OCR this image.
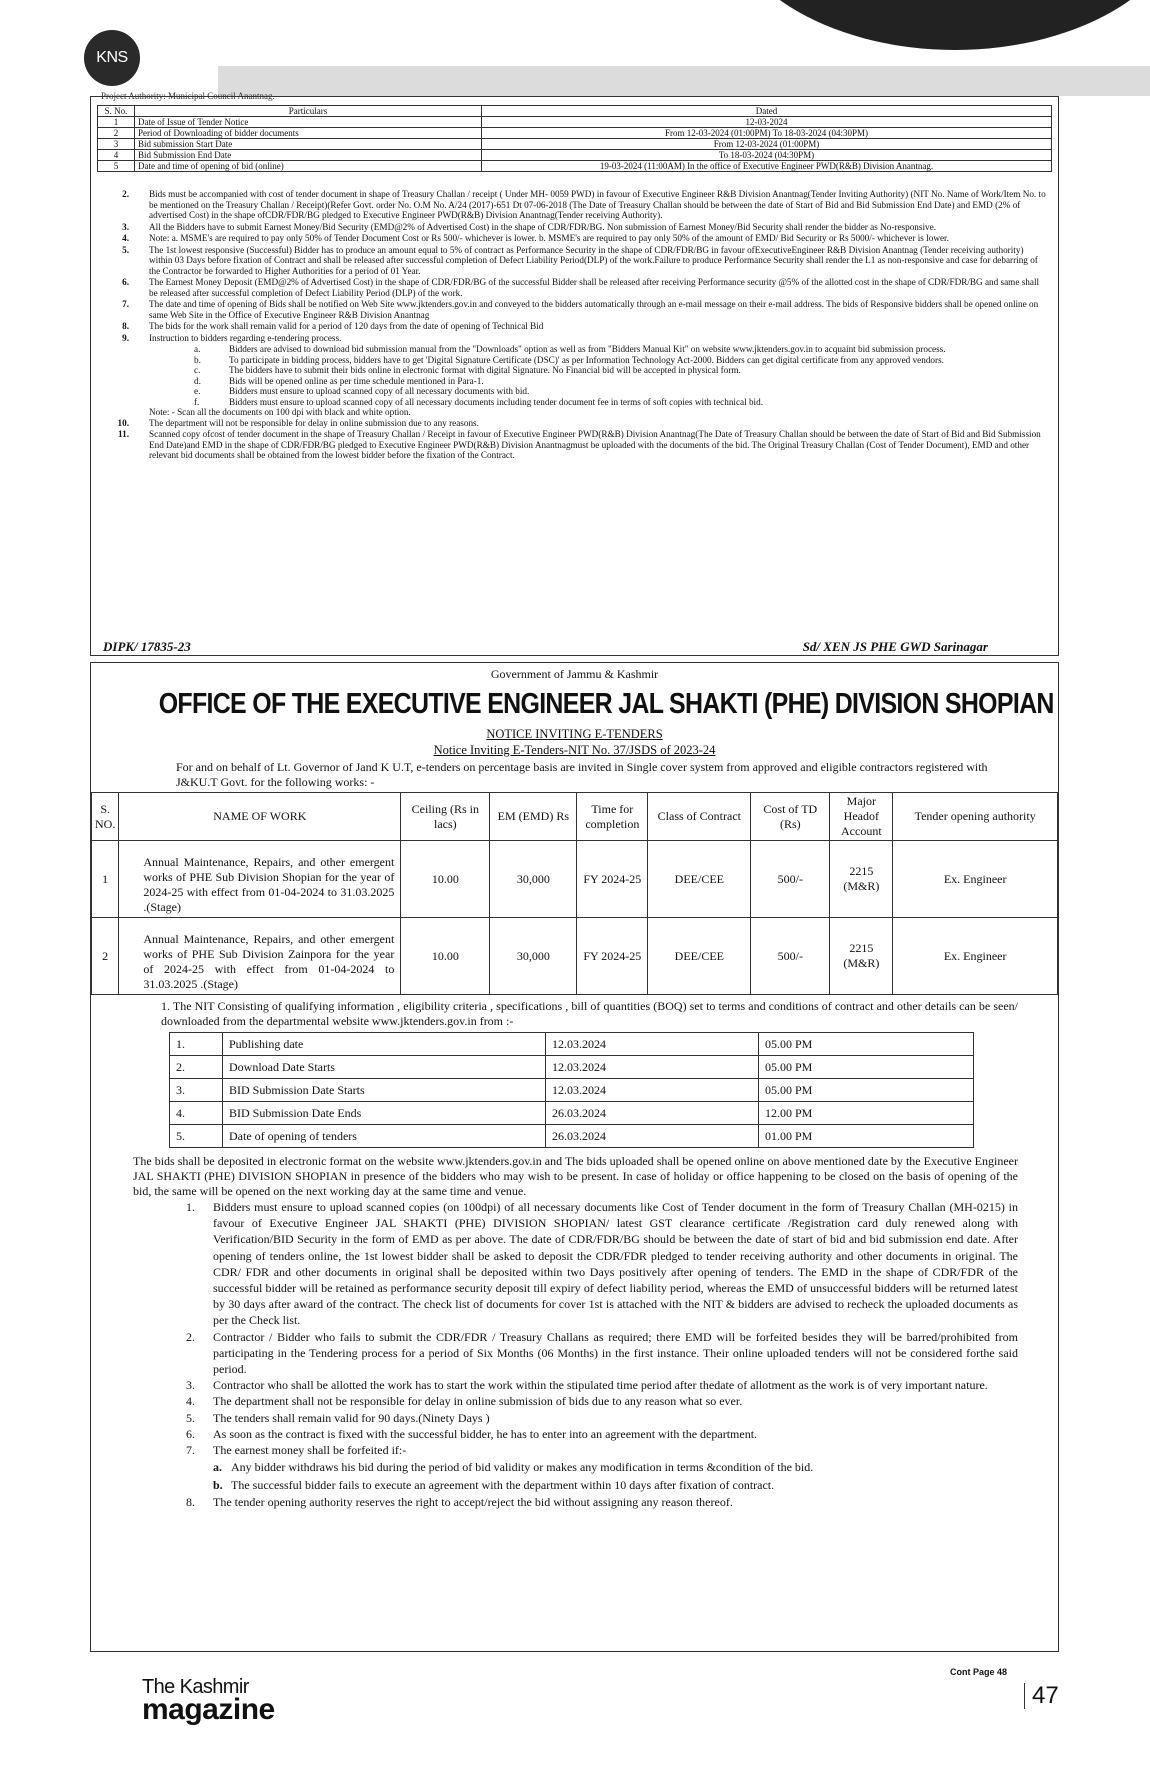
KNS
Project Authority: Municipal Council Anantnag.
S. No.	Particulars	Dated
1	Date of Issue of Tender Notice	12-03-2024
2	Period of Downloading of bidder documents	From 12-03-2024 (01:00PM) To 18-03-2024 (04:30PM)
3	Bid submission Start Date	From 12-03-2024 (01:00PM)
4	Bid Submission End Date	To 18-03-2024 (04:30PM)
5	Date and time of opening of bid (online)	19-03-2024 (11:00AM) In the office of Executive Engineer PWD(R&B) Division Anantnag.
2. Bids must be accompanied with cost of tender document in shape of Treasury Challan / receipt ( Under MH- 0059 PWD) in favour of Executive Engineer R&B Division Anantnag(Tender Inviting Authority) (NIT No. Name of Work/Item No. to be mentioned on the Treasury Challan / Receipt)(Refer Govt. order No. O.M No. A/24 (2017)-651 Dt 07-06-2018 (The Date of Treasury Challan should be between the date of Start of Bid and Bid Submission End Date) and EMD (2% of advertised Cost) in the shape ofCDR/FDR/BG pledged to Executive Engineer PWD(R&B) Division Anantnag(Tender receiving Authority).
3. All the Bidders have to submit Earnest Money/Bid Security (EMD@2% of Advertised Cost) in the shape of CDR/FDR/BG. Non submission of Earnest Money/Bid Security shall render the bidder as No-responsive.
4. Note: a. MSME's are required to pay only 50% of Tender Document Cost or Rs 500/- whichever is lower. b. MSME's are required to pay only 50% of the amount of EMD/ Bid Security or Rs 5000/- whichever is lower.
5. The 1st lowest responsive (Successful) Bidder has to produce an amount equal to 5% of contract as Performance Security in the shape of CDR/FDR/BG in favour ofExecutiveEngineer R&B Division Anantnag (Tender receiving authority) within 03 Days before fixation of Contract and shall be released after successful completion of Defect Liability Period(DLP) of the work.Failure to produce Performance Security shall render the L1 as non-responsive and case for debarring of the Contractor be forwarded to Higher Authorities for a period of 01 Year.
6. The Earnest Money Deposit (EMD@2% of Advertised Cost) in the shape of CDR/FDR/BG of the successful Bidder shall be released after receiving Performance security @5% of the allotted cost in the shape of CDR/FDR/BG and same shall be released after successful completion of Defect Liability Period (DLP) of the work.
7. The date and time of opening of Bids shall be notified on Web Site www.jktenders.gov.in and conveyed to the bidders automatically through an e-mail message on their e-mail address. The bids of Responsive bidders shall be opened online on same Web Site in the Office of Executive Engineer R&B Division Anantnag
8. The bids for the work shall remain valid for a period of 120 days from the date of opening of Technical Bid
9. Instruction to bidders regarding e-tendering process.
a.	Bidders are advised to download bid submission manual from the "Downloads" option as well as from "Bidders Manual Kit" on website www.jktenders.gov.in to acquaint bid submission process.
b.	To participate in bidding process, bidders have to get 'Digital Signature Certificate (DSC)' as per Information Technology Act-2000. Bidders can get digital certificate from any approved vendors.
c.	The bidders have to submit their bids online in electronic format with digital Signature. No Financial bid will be accepted in physical form.
d.	Bids will be opened online as per time schedule mentioned in Para-1.
e.	Bidders must ensure to upload scanned copy of all necessary documents with bid.
f.	Bidders must ensure to upload scanned copy of all necessary documents including tender document fee in terms of soft copies with technical bid.
Note: - Scan all the documents on 100 dpi with black and white option.
10. The department will not be responsible for delay in online submission due to any reasons.
11. Scanned copy ofcost of tender document in the shape of Treasury Challan / Receipt in favour of Executive Engineer PWD(R&B) Division Anantnag(The Date of Treasury Challan should be between the date of Start of Bid and Bid Submission End Date)and EMD in the shape of CDR/FDR/BG pledged to Executive Engineer PWD(R&B) Division Anantnagmust be uploaded with the documents of the bid. The Original Treasury Challan (Cost of Tender Document), EMD and other relevant bid documents shall be obtained from the lowest bidder before the fixation of the Contract.
DIPK/ 17835-23	Sd/ XEN JS PHE GWD Sarinagar
Government of Jammu & Kashmir
OFFICE OF THE EXECUTIVE ENGINEER JAL SHAKTI (PHE) DIVISION SHOPIAN
NOTICE INVITING E-TENDERS
Notice Inviting E-Tenders-NIT No. 37/JSDS of 2023-24
For and on behalf of Lt. Governor of Jand K U.T, e-tenders on percentage basis are invited in Single cover system from approved and eligible contractors registered with J&KU.T Govt. for the following works: -
S. NO.	NAME OF WORK	Ceiling (Rs in lacs)	EM (EMD) Rs	Time for completion	Class of Contract	Cost of TD (Rs)	Major Headof Account	Tender opening authority
1	Annual Maintenance, Repairs, and other emergent works of PHE Sub Division Shopian for the year of 2024-25 with effect from 01-04-2024 to 31.03.2025 .(Stage)	10.00	30,000	FY 2024-25	DEE/CEE	500/-	2215 (M&R)	Ex. Engineer
2	Annual Maintenance, Repairs, and other emergent works of PHE Sub Division Zainpora for the year of 2024-25 with effect from 01-04-2024 to 31.03.2025 .(Stage)	10.00	30,000	FY 2024-25	DEE/CEE	500/-	2215 (M&R)	Ex. Engineer
1. The NIT Consisting of qualifying information , eligibility criteria , specifications , bill of quantities (BOQ) set to terms and conditions of contract and other details can be seen/ downloaded from the departmental website www.jktenders.gov.in from :-
1.	Publishing date	12.03.2024	05.00 PM
2.	Download Date Starts	12.03.2024	05.00 PM
3.	BID Submission Date Starts	12.03.2024	05.00 PM
4.	BID Submission Date Ends	26.03.2024	12.00 PM
5.	Date of opening of tenders	26.03.2024	01.00 PM
The bids shall be deposited in electronic format on the website www.jktenders.gov.in and The bids uploaded shall be opened online on above mentioned date by the Executive Engineer JAL SHAKTI (PHE) DIVISION SHOPIAN in presence of the bidders who may wish to be present. In case of holiday or office happening to be closed on the basis of opening of the bid, the same will be opened on the next working day at the same time and venue.
1. Bidders must ensure to upload scanned copies (on 100dpi) of all necessary documents like Cost of Tender document in the form of Treasury Challan (MH-0215) in favour of Executive Engineer JAL SHAKTI (PHE) DIVISION SHOPIAN/ latest GST clearance certificate /Registration card duly renewed along with Verification/BID Security in the form of EMD as per above. The date of CDR/FDR/BG should be between the date of start of bid and bid submission end date. After opening of tenders online, the 1st lowest bidder shall be asked to deposit the CDR/FDR pledged to tender receiving authority and other documents in original. The CDR/ FDR and other documents in original shall be deposited within two Days positively after opening of tenders. The EMD in the shape of CDR/FDR of the successful bidder will be retained as performance security deposit till expiry of defect liability period, whereas the EMD of unsuccessful bidders will be returned latest by 30 days after award of the contract. The check list of documents for cover 1st is attached with the NIT & bidders are advised to recheck the uploaded documents as per the Check list.
2. Contractor / Bidder who fails to submit the CDR/FDR / Treasury Challans as required; there EMD will be forfeited besides they will be barred/prohibited from participating in the Tendering process for a period of Six Months (06 Months) in the first instance. Their online uploaded tenders will not be considered forthe said period.
3. Contractor who shall be allotted the work has to start the work within the stipulated time period after thedate of allotment as the work is of very important nature.
4. The department shall not be responsible for delay in online submission of bids due to any reason what so ever.
5. The tenders shall remain valid for 90 days.(Ninety Days )
6. As soon as the contract is fixed with the successful bidder, he has to enter into an agreement with the department.
7. The earnest money shall be forfeited if:-
a. Any bidder withdraws his bid during the period of bid validity or makes any modification in terms &condition of the bid.
b. The successful bidder fails to execute an agreement with the department within 10 days after fixation of contract.
8. The tender opening authority reserves the right to accept/reject the bid without assigning any reason thereof.
The Kashmir
magazine
Cont Page 48
47
